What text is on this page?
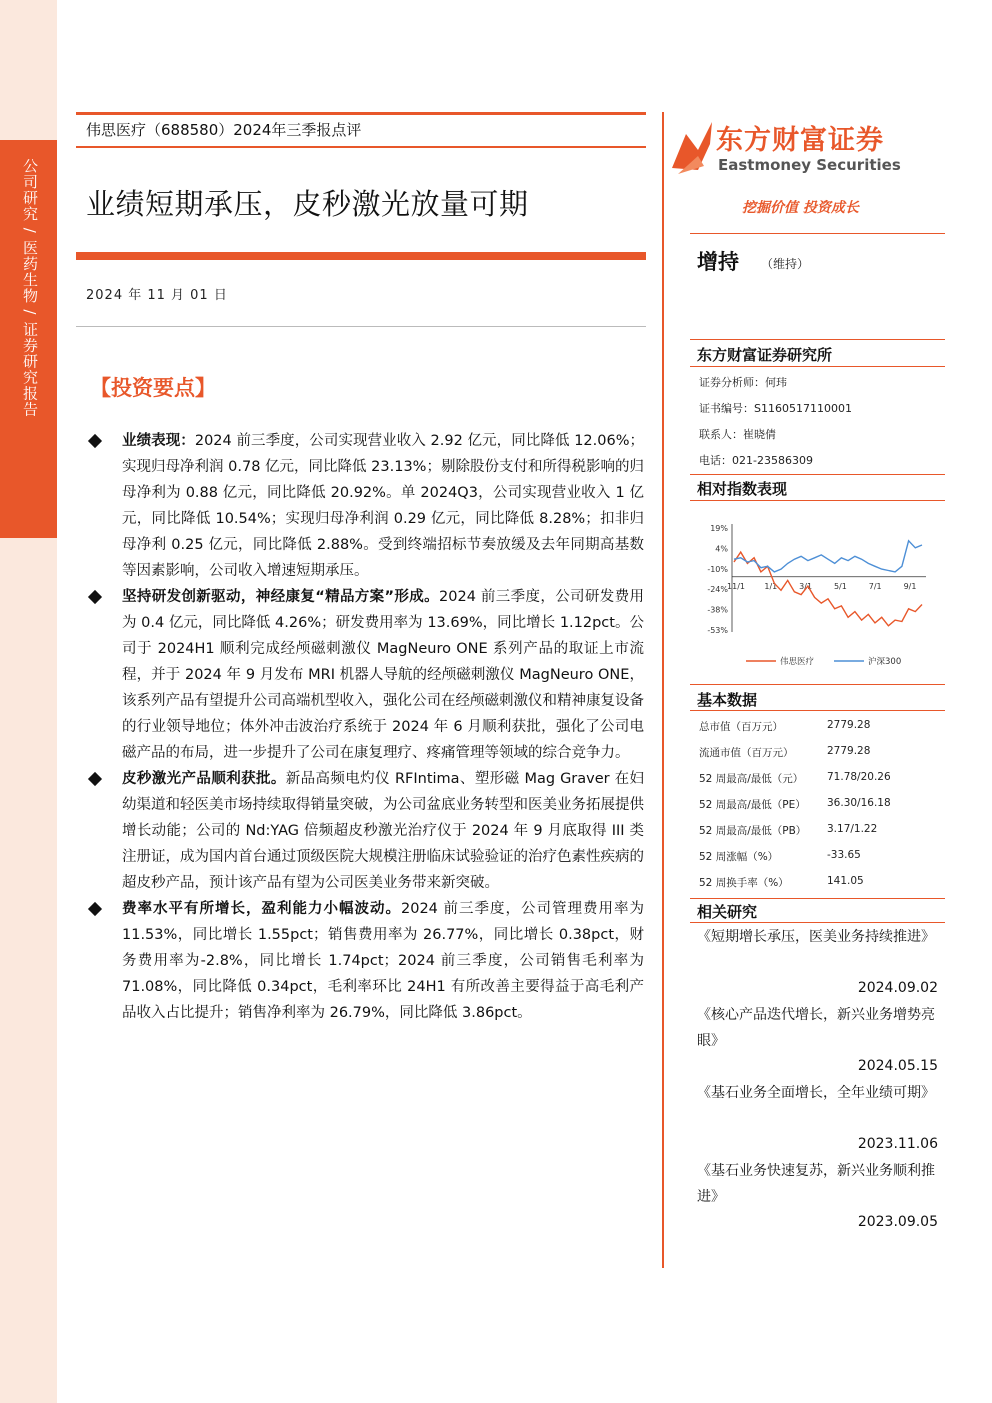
公司研究 / 医药生物 / 证券研究报告
伟思医疗（688580）2024年三季报点评
业绩短期承压，皮秒激光放量可期
2024 年 11 月 01 日
【投资要点】
业绩表现：2024 前三季度，公司实现营业收入 2.92 亿元，同比降低 12.06%；实现归母净利润 0.78 亿元，同比降低 23.13%；剔除股份支付和所得税影响的归母净利为 0.88 亿元，同比降低 20.92%。单 2024Q3，公司实现营业收入 1 亿元，同比降低 10.54%；实现归母净利润 0.29 亿元，同比降低 8.28%；扣非归母净利 0.25 亿元，同比降低 2.88%。受到终端招标节奏放缓及去年同期高基数等因素影响，公司收入增速短期承压。
坚持研发创新驱动，神经康复“精品方案”形成。2024 前三季度，公司研发费用为 0.4 亿元，同比降低 4.26%；研发费用率为 13.69%，同比增长 1.12pct。公司于 2024H1 顺利完成经颅磁刺激仪 MagNeuro ONE 系列产品的取证上市流程，并于 2024 年 9 月发布 MRI 机器人导航的经颅磁刺激仪 MagNeuro ONE，该系列产品有望提升公司高端机型收入，强化公司在经颅磁刺激仪和精神康复设备的行业领导地位；体外冲击波治疗系统于 2024 年 6 月顺利获批，强化了公司电磁产品的布局，进一步提升了公司在康复理疗、疼痛管理等领域的综合竞争力。
皮秒激光产品顺利获批。新品高频电灼仪 RFIntima、塑形磁 Mag Graver 在妇幼渠道和轻医美市场持续取得销量突破，为公司盆底业务转型和医美业务拓展提供增长动能；公司的 Nd:YAG 倍频超皮秒激光治疗仪于 2024 年 9 月底取得 III 类注册证，成为国内首台通过顶级医院大规模注册临床试验验证的治疗色素性疾病的超皮秒产品，预计该产品有望为公司医美业务带来新突破。
费率水平有所增长，盈利能力小幅波动。2024 前三季度，公司管理费用率为 11.53%，同比增长 1.55pct；销售费用率为 26.77%，同比增长 0.38pct，财务费用率为-2.8%，同比增长 1.74pct；2024 前三季度，公司销售毛利率为 71.08%，同比降低 0.34pct，毛利率环比 24H1 有所改善主要得益于高毛利产品收入占比提升；销售净利率为 26.79%，同比降低 3.86pct。
东方财富证券
Eastmoney Securities
挖掘价值 投资成长
增持 （维持）
东方财富证券研究所
证券分析师：何玮
证书编号：S1160517110001
联系人：崔晓倩
电话：021-23586309
相对指数表现
19%
4%
-10%
-24%
-38%
-53%
11/1 1/1	3/1	5/1	7/1	9/1
伟思医疗	沪深300
基本数据
总市值（百万元）	2779.28
流通市值（百万元）	2779.28
52 周最高/最低（元） 71.78/20.26
52 周最高/最低（PE） 36.30/16.18
52 周最高/最低（PB） 3.17/1.22
52 周涨幅（%）	-33.65
52 周换手率（%）	141.05
相关研究
《短期增长承压，医美业务持续推进》
2024.09.02
《核心产品迭代增长，新兴业务增势亮眼》
2024.05.15
《基石业务全面增长，全年业绩可期》
2023.11.06
《基石业务快速复苏，新兴业务顺利推进》
2023.09.05
